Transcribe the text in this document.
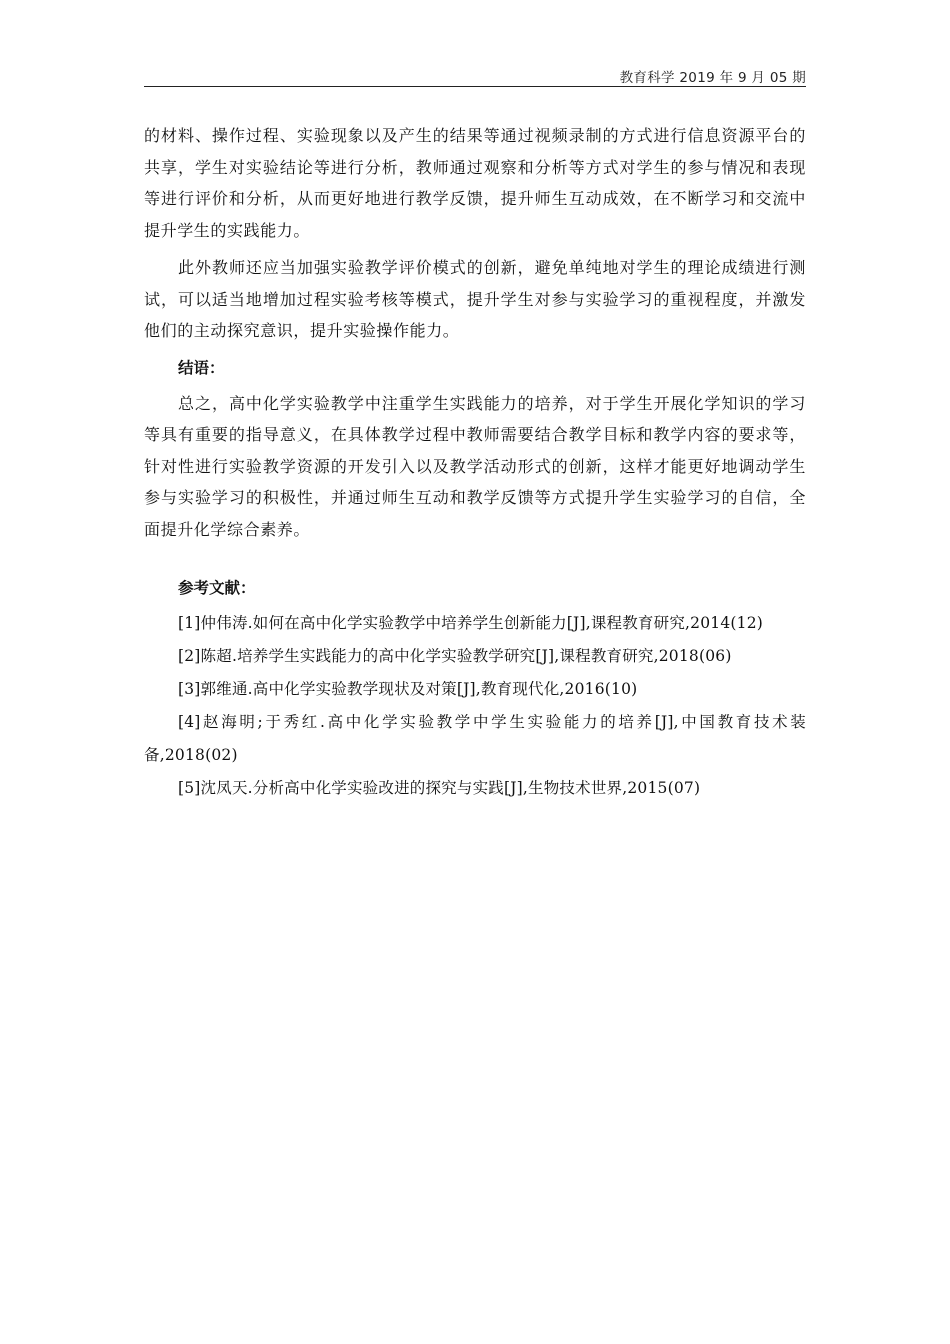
教育科学 2019 年 9 月 05 期

的材料、操作过程、实验现象以及产生的结果等通过视频录制的方式进行信息资源平台的共享，学生对实验结论等进行分析，教师通过观察和分析等方式对学生的参与情况和表现等进行评价和分析，从而更好地进行教学反馈，提升师生互动成效，在不断学习和交流中提升学生的实践能力。

此外教师还应当加强实验教学评价模式的创新，避免单纯地对学生的理论成绩进行测试，可以适当地增加过程实验考核等模式，提升学生对参与实验学习的重视程度，并激发他们的主动探究意识，提升实验操作能力。

结语：

总之，高中化学实验教学中注重学生实践能力的培养，对于学生开展化学知识的学习等具有重要的指导意义，在具体教学过程中教师需要结合教学目标和教学内容的要求等，针对性进行实验教学资源的开发引入以及教学活动形式的创新，这样才能更好地调动学生参与实验学习的积极性，并通过师生互动和教学反馈等方式提升学生实验学习的自信，全面提升化学综合素养。

参考文献：

[1]仲伟涛.如何在高中化学实验教学中培养学生创新能力[J],课程教育研究,2014(12)

[2]陈超.培养学生实践能力的高中化学实验教学研究[J],课程教育研究,2018(06)

[3]郭维通.高中化学实验教学现状及对策[J],教育现代化,2016(10)

[4]赵海明;于秀红.高中化学实验教学中学生实验能力的培养[J],中国教育技术装备,2018(02)

[5]沈凤天.分析高中化学实验改进的探究与实践[J],生物技术世界,2015(07)
